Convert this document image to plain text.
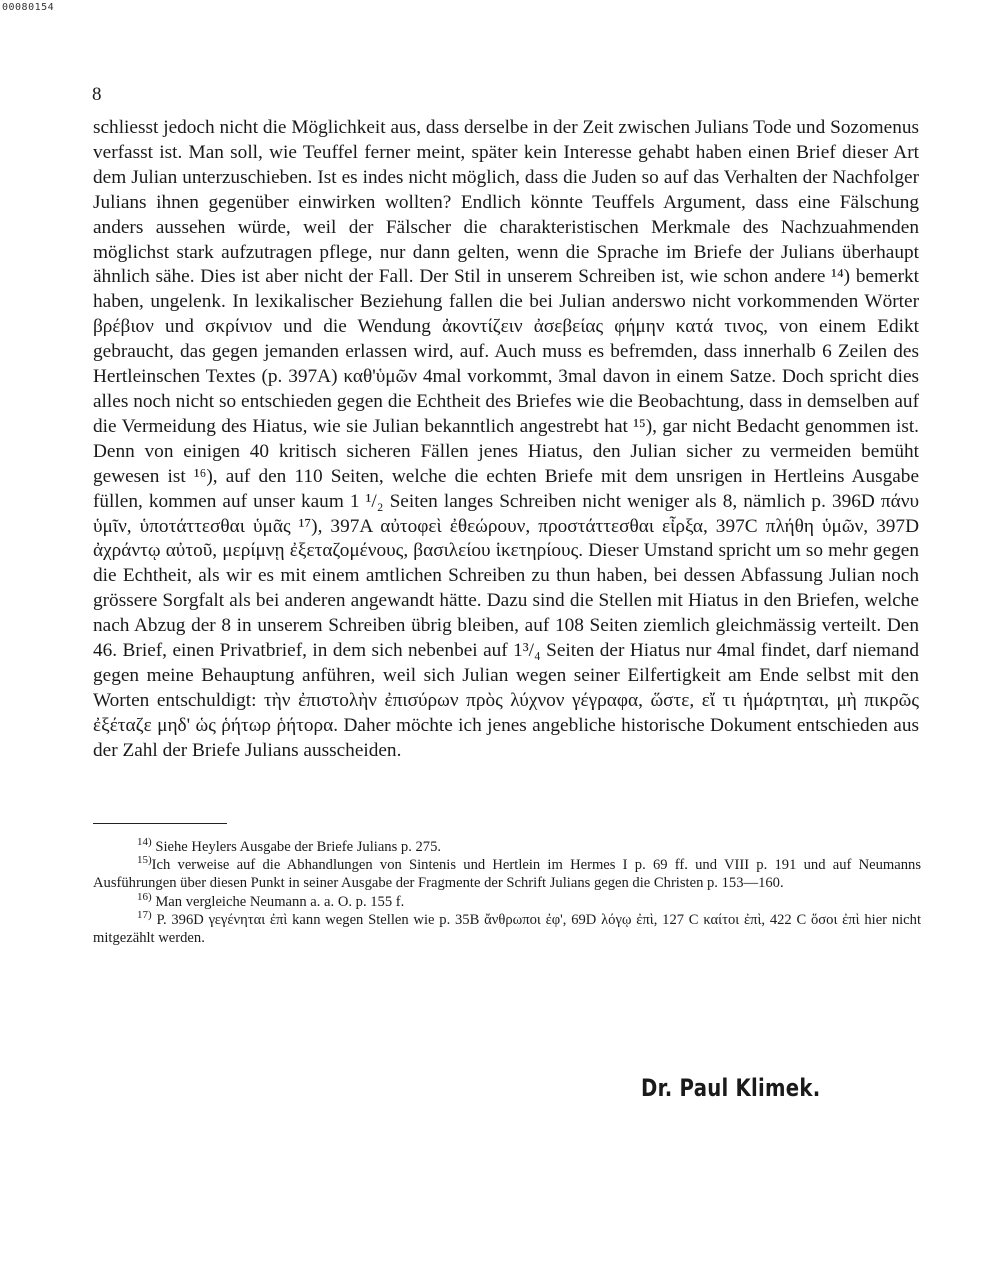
00080154
8

schliesst jedoch nicht die Möglichkeit aus, dass derselbe in der Zeit zwischen Julians Tode und Sozomenus verfasst ist. Man soll, wie Teuffel ferner meint, später kein Interesse gehabt haben einen Brief dieser Art dem Julian unterzuschieben. Ist es indes nicht möglich, dass die Juden so auf das Verhalten der Nachfolger Julians ihnen gegenüber einwirken wollten? Endlich könnte Teuffels Argument, dass eine Fälschung anders aussehen würde, weil der Fälscher die charakteristischen Merkmale des Nachzuahmenden möglichst stark aufzutragen pflege, nur dann gelten, wenn die Sprache im Briefe der Julians überhaupt ähnlich sähe. Dies ist aber nicht der Fall. Der Stil in unserem Schreiben ist, wie schon andere ¹⁴) bemerkt haben, ungelenk. In lexikalischer Beziehung fallen die bei Julian anderswo nicht vorkommenden Wörter βρέβιον und σκρίνιον und die Wendung ἀκοντίζειν ἀσεβείας φήμην κατά τινος, von einem Edikt gebraucht, das gegen jemanden erlassen wird, auf. Auch muss es befremden, dass innerhalb 6 Zeilen des Hertleinschen Textes (p. 397A) καθ'ὑμῶν 4mal vorkommt, 3mal davon in einem Satze. Doch spricht dies alles noch nicht so entschieden gegen die Echtheit des Briefes wie die Beobachtung, dass in demselben auf die Vermeidung des Hiatus, wie sie Julian bekanntlich angestrebt hat ¹⁵), gar nicht Bedacht genommen ist. Denn von einigen 40 kritisch sicheren Fällen jenes Hiatus, den Julian sicher zu vermeiden bemüht gewesen ist ¹⁶), auf den 110 Seiten, welche die echten Briefe mit dem unsrigen in Hertleins Ausgabe füllen, kommen auf unser kaum 1 ¹/₂ Seiten langes Schreiben nicht weniger als 8, nämlich p. 396D πάνυ ὑμῖν, ὑποτάττεσθαι ὑμᾶς ¹⁷), 397A αὐτοφεὶ ἐθεώρουν, προστάττεσθαι εἶρξα, 397C πλήθη ὑμῶν, 397D ἀχράντῳ αὐτοῦ, μερίμνῃ ἐξεταζομένους, βασιλείου ἱκετηρίους. Dieser Umstand spricht um so mehr gegen die Echtheit, als wir es mit einem amtlichen Schreiben zu thun haben, bei dessen Abfassung Julian noch grössere Sorgfalt als bei anderen angewandt hätte. Dazu sind die Stellen mit Hiatus in den Briefen, welche nach Abzug der 8 in unserem Schreiben übrig bleiben, auf 108 Seiten ziemlich gleichmässig verteilt. Den 46. Brief, einen Privatbrief, in dem sich nebenbei auf 1³/₄ Seiten der Hiatus nur 4mal findet, darf niemand gegen meine Behauptung anführen, weil sich Julian wegen seiner Eilfertigkeit am Ende selbst mit den Worten entschuldigt: τὴν ἐπιστολὴν ἐπισύρων πρὸς λύχνον γέγραφα, ὥστε, εἴ τι ἡμάρτηται, μὴ πικρῶς ἐξέταζε μηδ' ὡς ῥήτωρ ῥήτορα. Daher möchte ich jenes angebliche historische Dokument entschieden aus der Zahl der Briefe Julians ausscheiden.

$^{14)}$ Siehe Heylers Ausgabe der Briefe Julians p. 275.

$^{15)}$Ich verweise auf die Abhandlungen von Sintenis und Hertlein im Hermes I p. 69 ff. und VIII p. 191 und auf Neumanns Ausführungen über diesen Punkt in seiner Ausgabe der Fragmente der Schrift Julians gegen die Christen p. 153—160.

$^{16)}$ Man vergleiche Neumann a. a. O. p. 155 f.

$^{17)}$ P. 396D γεγένηται ἐπὶ kann wegen Stellen wie p. 35B ἄνθρωποι ἐφ', 69D λόγῳ ἐπὶ, 127 C καίτοι ἐπὶ, 422 C ὅσοι ἐπὶ hier nicht mitgezählt werden.

Dr. Paul Klimek.
